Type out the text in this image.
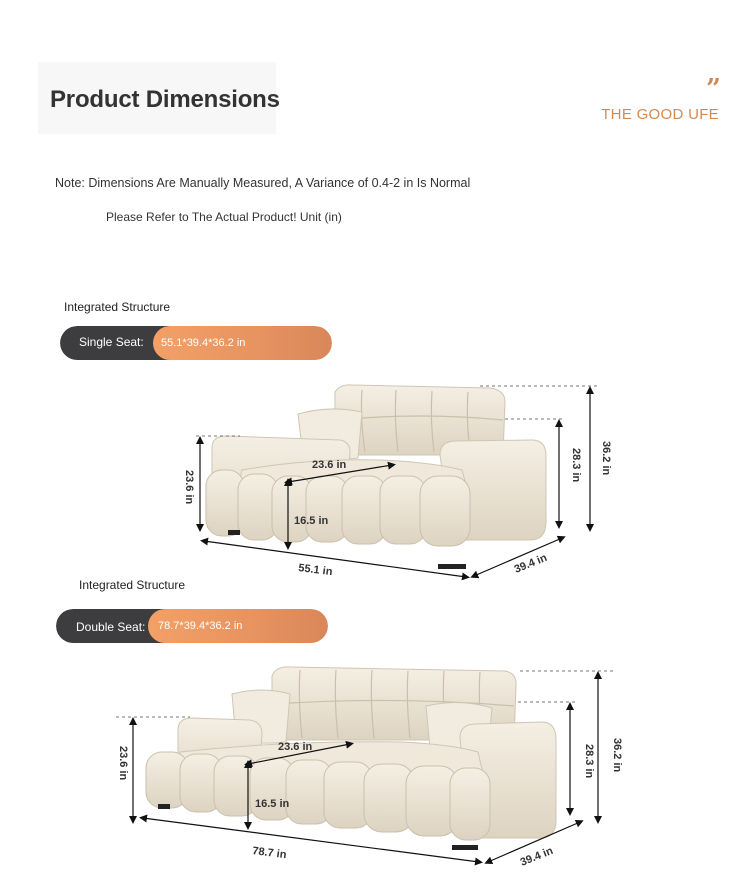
Product Dimensions	”
THE GOOD UFE
Note: Dimensions Are Manually Measured, A Variance of 0.4-2 in Is Normal
Please Refer to The Actual Product! Unit (in)
Integrated Structure
Single Seat: 55.1*39.4*36.2 in
Integrated Structure
Double Seat: 78.7*39.4*36.2 in
23.6 in
16.5 in
55.1 in	39.4 in
23.6 in
28.3 in 36.2 in
23.6 in
16.5 in
78.7 in	39.4 in
23.6 in	28.3 in 36.2 in
